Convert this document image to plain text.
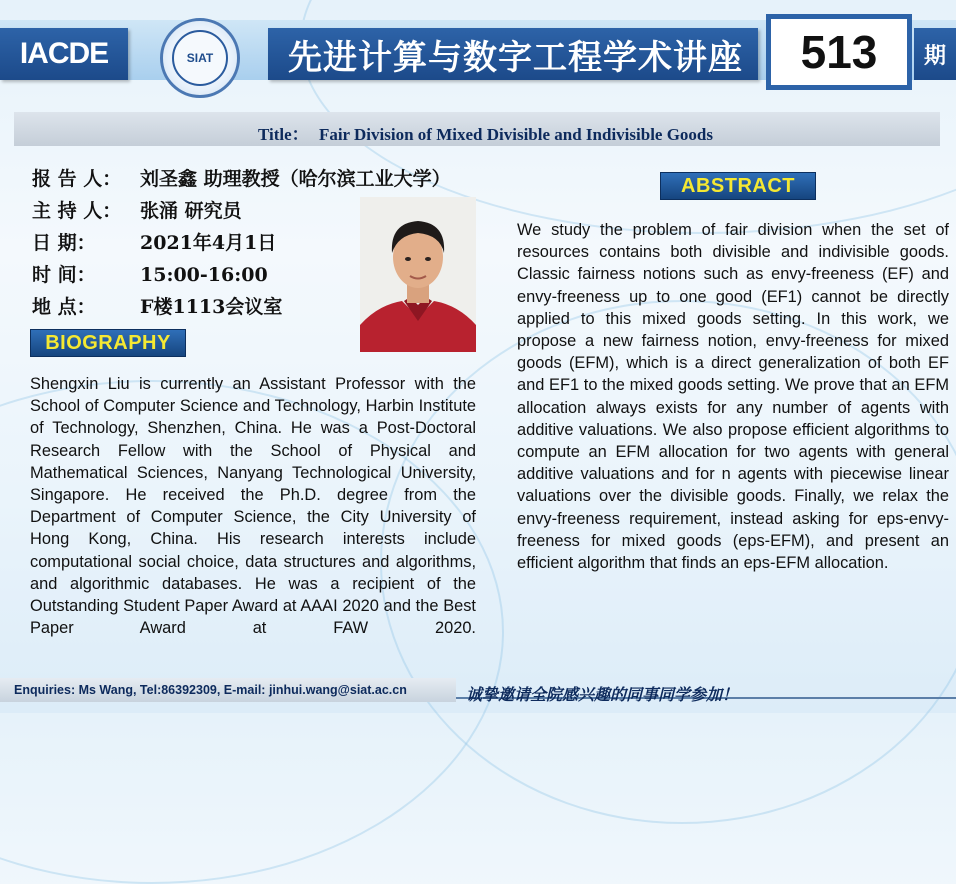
IACDE	SIAT	先进计算与数字工程学术讲座	513	期
Title： Fair Division of Mixed Divisible and Indivisible Goods
报 告 人： 刘圣鑫 助理教授（哈尔滨工业大学）
主 持 人： 张涌 研究员
日 期： 2021年4月1日
时 间： 15:00-16:00
地 点： F楼1113会议室
BIOGRAPHY
Shengxin Liu is currently an Assistant Professor with the School of Computer Science and Technology, Harbin Institute of Technology, Shenzhen, China. He was a Post-Doctoral Research Fellow with the School of Physical and Mathematical Sciences, Nanyang Technological University, Singapore. He received the Ph.D. degree from the Department of Computer Science, the City University of Hong Kong, China. His research interests include computational social choice, data structures and algorithms, and algorithmic databases. He was a recipient of the Outstanding Student Paper Award at AAAI 2020 and the Best Paper Award at FAW 2020.
ABSTRACT
We study the problem of fair division when the set of resources contains both divisible and indivisible goods. Classic fairness notions such as envy-freeness (EF) and envy-freeness up to one good (EF1) cannot be directly applied to this mixed goods setting. In this work, we propose a new fairness notion, envy-freeness for mixed goods (EFM), which is a direct generalization of both EF and EF1 to the mixed goods setting. We prove that an EFM allocation always exists for any number of agents with additive valuations. We also propose efficient algorithms to compute an EFM allocation for two agents with general additive valuations and for n agents with piecewise linear valuations over the divisible goods. Finally, we relax the envy-freeness requirement, instead asking for eps-envy-freeness for mixed goods (eps-EFM), and present an efficient algorithm that finds an eps-EFM allocation.
Enquiries: Ms Wang, Tel:86392309, E-mail: jinhui.wang@siat.ac.cn	诚挚邀请全院感兴趣的同事同学参加！
